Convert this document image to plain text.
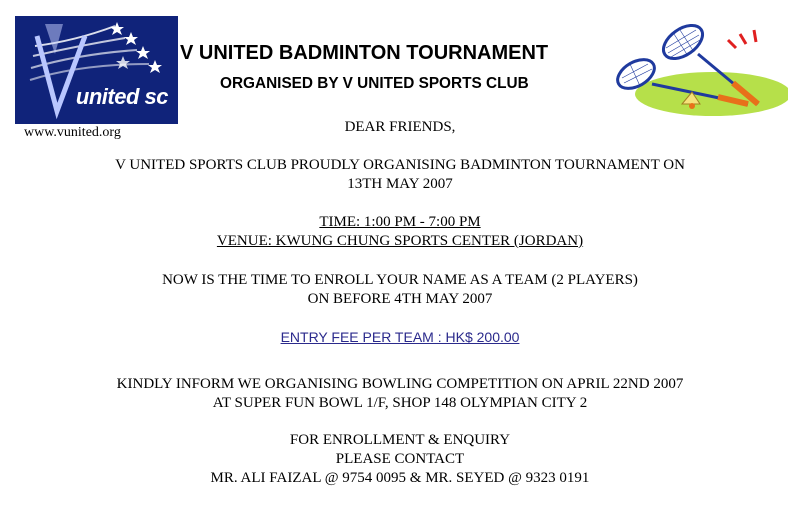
united sc
www.vunited.org
V UNITED BADMINTON TOURNAMENT
ORGANISED BY V UNITED SPORTS CLUB
DEAR FRIENDS,
V UNITED SPORTS CLUB PROUDLY ORGANISING BADMINTON TOURNAMENT ON
13TH MAY 2007
TIME: 1:00 PM - 7:00 PM
VENUE: KWUNG CHUNG SPORTS CENTER (JORDAN)
NOW IS THE TIME TO ENROLL YOUR NAME AS A TEAM (2 PLAYERS)
ON BEFORE 4TH MAY 2007
ENTRY FEE PER TEAM : HK$ 200.00
KINDLY INFORM WE ORGANISING BOWLING COMPETITION ON APRIL 22ND 2007
AT SUPER FUN BOWL 1/F, SHOP 148 OLYMPIAN CITY 2
FOR ENROLLMENT & ENQUIRY
PLEASE CONTACT
MR. ALI FAIZAL @ 9754 0095 & MR. SEYED @ 9323 0191
